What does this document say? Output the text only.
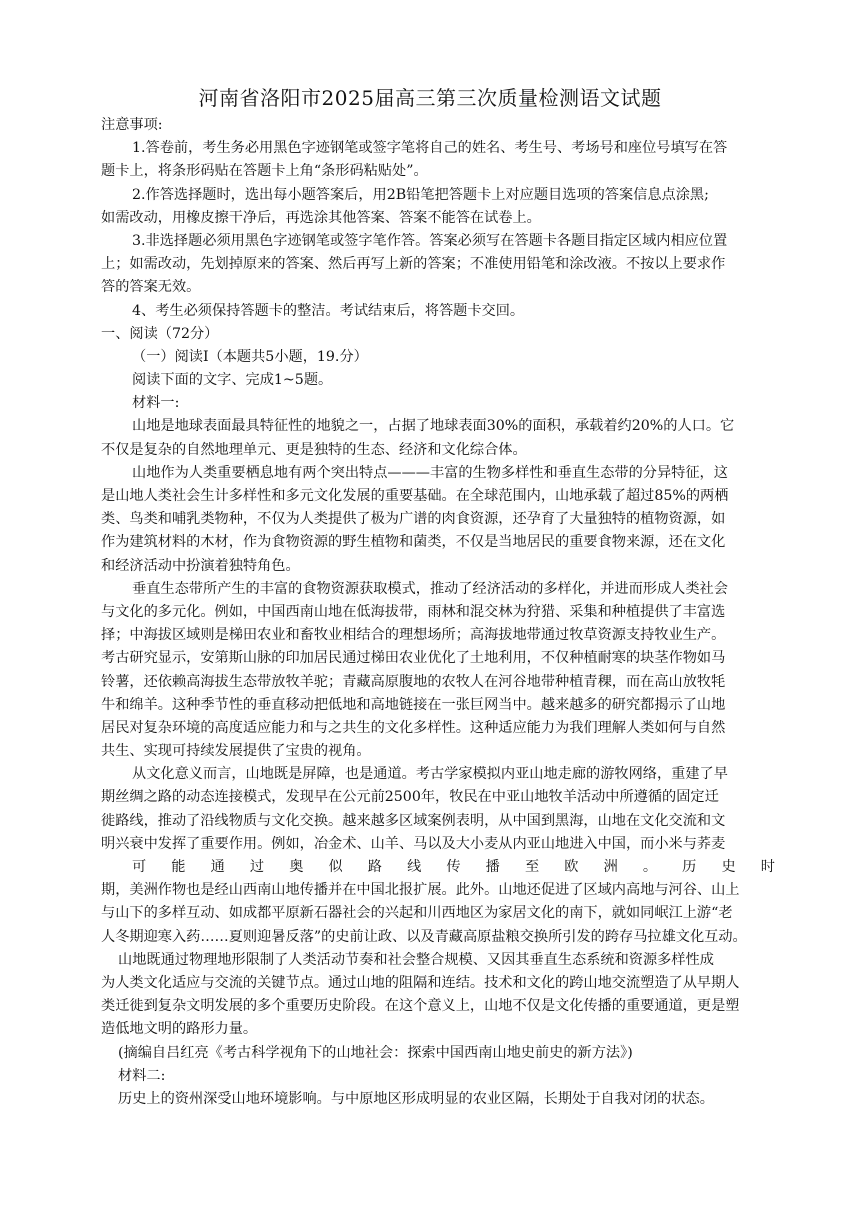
河南省洛阳市2025届高三第三次质量检测语文试题
注意事项:
1.答卷前，考生务必用黑色字迹钢笔或签字笔将自己的姓名、考生号、考场号和座位号填写在答
题卡上，将条形码贴在答题卡上角“条形码粘贴处”。
2.作答选择题时，选出每小题答案后，用2B铅笔把答题卡上对应题目选项的答案信息点涂黑;
如需改动，用橡皮擦干净后，再选涂其他答案、答案不能答在试卷上。
3.非选择题必须用黑色字迹钢笔或签字笔作答。答案必须写在答题卡各题目指定区域内相应位置
上；如需改动，先划掉原来的答案、然后再写上新的答案；不准使用铅笔和涂改液。不按以上要求作
答的答案无效。
4、考生必须保持答题卡的整洁。考试结束后，将答题卡交回。
一、阅读（72分）
（一）阅读Ⅰ（本题共5小题，19.分）
阅读下面的文字、完成1~5题。
材料一:
山地是地球表面最具特征性的地貌之一，占据了地球表面30%的面积，承载着约20%的人口。它
不仅是复杂的自然地理单元、更是独特的生态、经济和文化综合体。
山地作为人类重要栖息地有两个突出特点———丰富的生物多样性和垂直生态带的分异特征，这
是山地人类社会生计多样性和多元文化发展的重要基础。在全球范围内，山地承载了超过85%的两栖
类、鸟类和哺乳类物种，不仅为人类提供了极为广谱的肉食资源，还孕育了大量独特的植物资源，如
作为建筑材料的木材，作为食物资源的野生植物和菌类，不仅是当地居民的重要食物来源，还在文化
和经济活动中扮演着独特角色。
垂直生态带所产生的丰富的食物资源获取模式，推动了经济活动的多样化，并进而形成人类社会
与文化的多元化。例如，中国西南山地在低海拔带，雨林和混交林为狩猎、采集和种植提供了丰富选
择；中海拔区域则是梯田农业和畜牧业相结合的理想场所；高海拔地带通过牧草资源支持牧业生产。
考古研究显示，安第斯山脉的印加居民通过梯田农业优化了土地利用，不仅种植耐寒的块茎作物如马
铃薯，还依赖高海拔生态带放牧羊驼；青藏高原腹地的农牧人在河谷地带种植青稞，而在高山放牧牦
牛和绵羊。这种季节性的垂直移动把低地和高地链接在一张巨网当中。越来越多的研究都揭示了山地
居民对复杂环境的高度适应能力和与之共生的文化多样性。这种适应能力为我们理解人类如何与自然
共生、实现可持续发展提供了宝贵的视角。
从文化意义而言，山地既是屏障，也是通道。考古学家模拟内亚山地走廊的游牧网络，重建了早
期丝绸之路的动态连接模式，发现早在公元前2500年，牧民在中亚山地牧羊活动中所遵循的固定迁
徙路线，推动了沿线物质与文化交换。越来越多区域案例表明，从中国到黑海，山地在文化交流和文
明兴衰中发挥了重要作用。例如，冶金术、山羊、马以及大小麦从内亚山地进入中国，而小米与荞麦
可 能 通 过 奥 似 路 线 传 播 至 欧 洲 。 历 史 时
期，美洲作物也是经山西南山地传播并在中国北报扩展。此外。山地还促进了区域内高地与河谷、山上
与山下的多样互动、如成都平原新石器社会的兴起和川西地区为家居文化的南下，就如同岷江上游“老
人冬期迎寒入药……夏则迎暑反落”的史前让政、以及青藏高原盐粮交换所引发的跨存马拉雄文化互动。
山地既通过物理地形限制了人类活动节奏和社会整合规模、又因其垂直生态系统和资源多样性成
为人类文化适应与交流的关键节点。通过山地的阻隔和连结。技术和文化的跨山地交流塑造了从早期人
类迁徙到复杂文明发展的多个重要历史阶段。在这个意义上，山地不仅是文化传播的重要通道，更是塑
造低地文明的路形力量。
(摘编自吕红亮《考古科学视角下的山地社会：探索中国西南山地史前史的新方法》)
材料二:
历史上的资州深受山地环境影响。与中原地区形成明显的农业区隔，长期处于自我对闭的状态。
